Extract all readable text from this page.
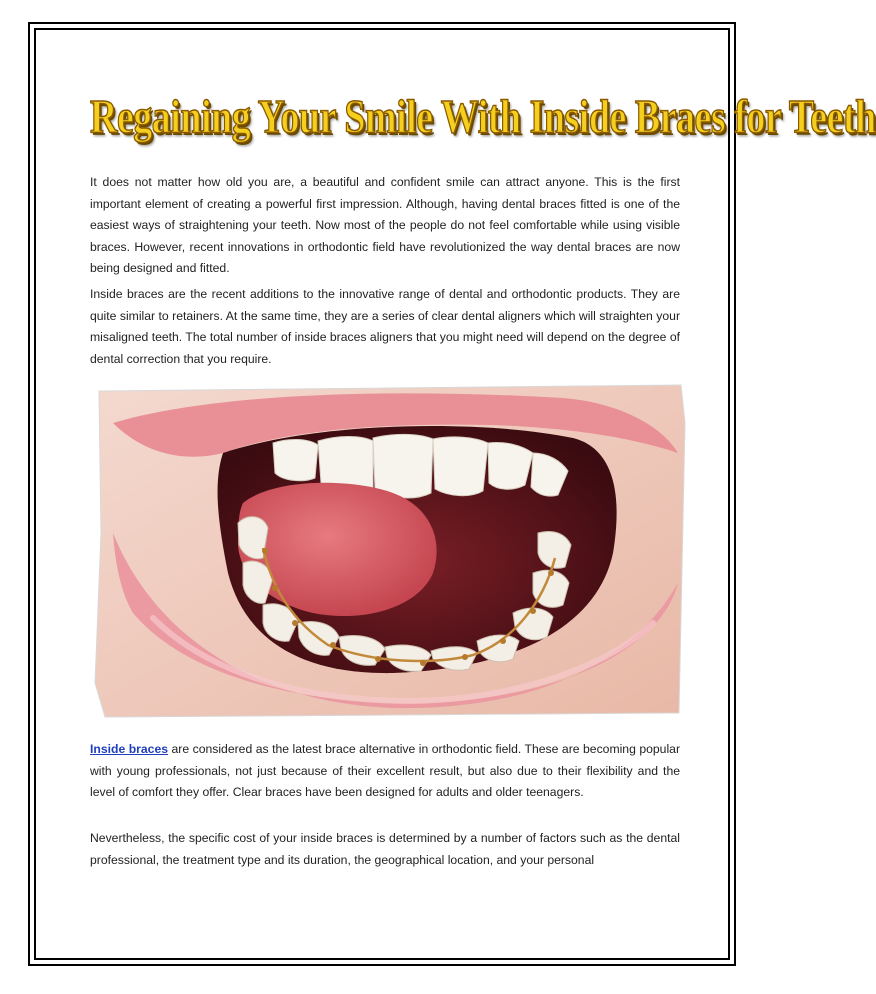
Regaining Your Smile With Inside Braes for Teeth

It does not matter how old you are, a beautiful and confident smile can attract anyone. This is the first important element of creating a powerful first impression. Although, having dental braces fitted is one of the easiest ways of straightening your teeth. Now most of the people do not feel comfortable while using visible braces. However, recent innovations in orthodontic field have revolutionized the way dental braces are now being designed and fitted.

Inside braces are the recent additions to the innovative range of dental and orthodontic products. They are quite similar to retainers. At the same time, they are a series of clear dental aligners which will straighten your misaligned teeth. The total number of inside braces aligners that you might need will depend on the degree of dental correction that you require.

Inside braces are considered as the latest brace alternative in orthodontic field. These are becoming popular with young professionals, not just because of their excellent result, but also due to their flexibility and the level of comfort they offer. Clear braces have been designed for adults and older teenagers.

Nevertheless, the specific cost of your inside braces is determined by a number of factors such as the dental professional, the treatment type and its duration, the geographical location, and your personal
